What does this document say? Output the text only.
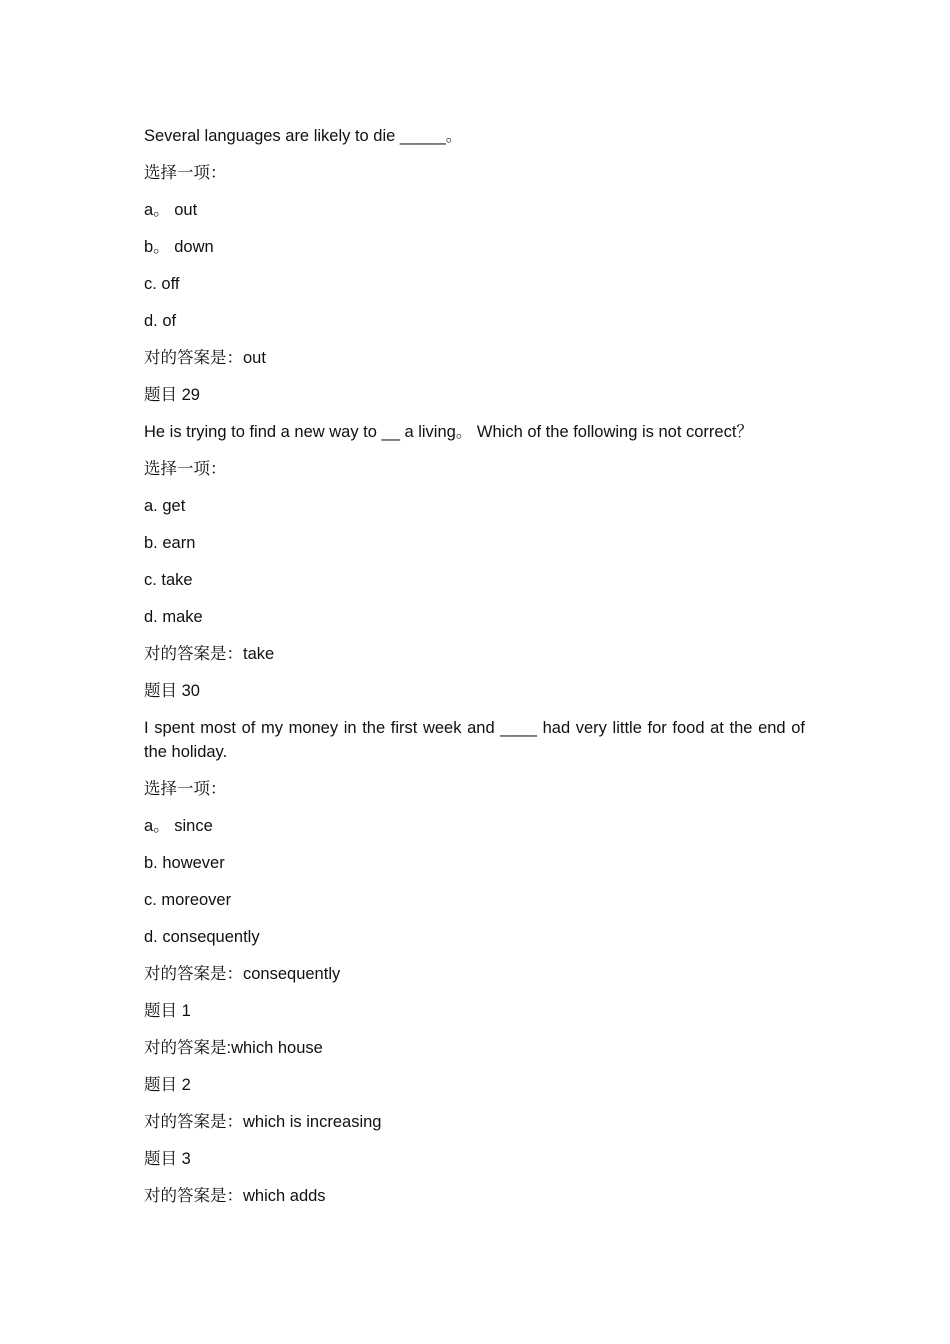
Several languages are likely to die _____。

选择一项：

a。 out

b。 down

c. off

d. of

对的答案是：out

题目 29

He is trying to find a new way to __ a living。 Which of the following is not correct？

选择一项：

a. get

b. earn

c. take

d. make

对的答案是：take

题目 30

I spent most of my money in the first week and ____ had very little for food at the end of the holiday.

选择一项：

a。 since

b. however

c. moreover

d. consequently

对的答案是：consequently

题目 1

对的答案是:which house

题目 2

对的答案是：which is increasing

题目 3

对的答案是：which adds
